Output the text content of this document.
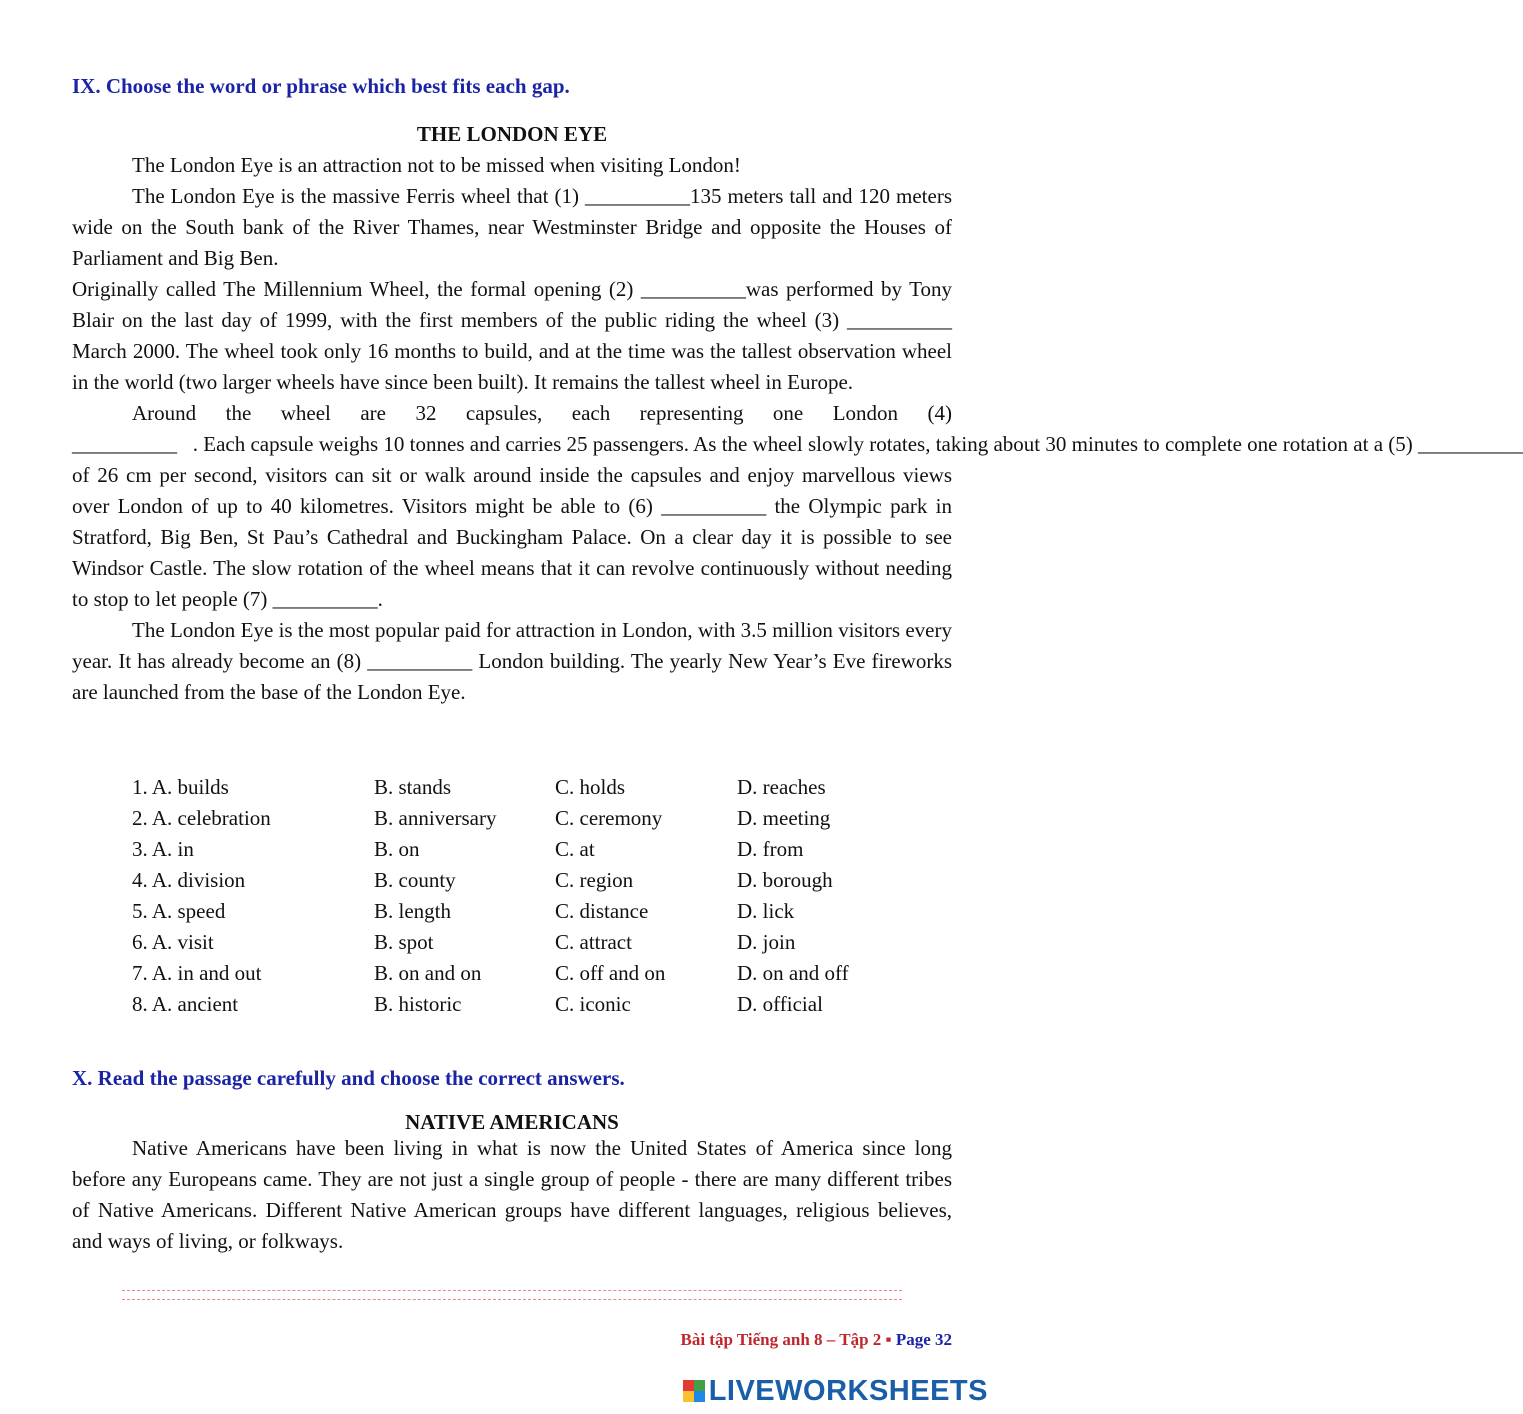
IX. Choose the word or phrase which best fits each gap.
THE LONDON EYE

The London Eye is an attraction not to be missed when visiting London!

The London Eye is the massive Ferris wheel that (1) __________135 meters tall and 120 meters wide on the South bank of the River Thames, near Westminster Bridge and opposite the Houses of Parliament and Big Ben.

Originally called The Millennium Wheel, the formal opening (2) __________was performed by Tony Blair on the last day of 1999, with the first members of the public riding the wheel (3) __________ March 2000. The wheel took only 16 months to build, and at the time was the tallest observation wheel in the world (two larger wheels have since been built). It remains the tallest wheel in Europe.

Around the wheel are 32 capsules, each representing one London (4) __________   . Each capsule weighs 10 tonnes and carries 25 passengers. As the wheel slowly rotates, taking about 30 minutes to complete one rotation at a (5) __________ of 26 cm per second, visitors can sit or walk around inside the capsules and enjoy marvellous views over London of up to 40 kilometres. Visitors might be able to (6) __________ the Olympic park in Stratford, Big Ben, St Pau’s Cathedral and Buckingham Palace. On a clear day it is possible to see Windsor Castle. The slow rotation of the wheel means that it can revolve continuously without needing to stop to let people (7) __________.

The London Eye is the most popular paid for attraction in London, with 3.5 million visitors every year. It has already become an (8) __________ London building. The yearly New Year’s Eve fireworks are launched from the base of the London Eye.

1. A. builds	B. stands	C. holds	D. reaches
2. A. celebration	B. anniversary	C. ceremony	D. meeting
3. A. in	B. on	C. at	D. from
4. A. division	B. county	C. region	D. borough
5. A. speed	B. length	C. distance	D. lick
6. A. visit	B. spot	C. attract	D. join
7. A. in and out	B. on and on	C. off and on	D. on and off
8. A. ancient	B. historic	C. iconic	D. official
X. Read the passage carefully and choose the correct answers.
NATIVE AMERICANS

Native Americans have been living in what is now the United States of America since long before any Europeans came. They are not just a single group of people - there are many different tribes of Native Americans. Different Native American groups have different languages, religious believes, and ways of living, or folkways.

Bài tập Tiếng anh 8 – Tập 2 ▪ Page 32
LIVEWORKSHEETS
